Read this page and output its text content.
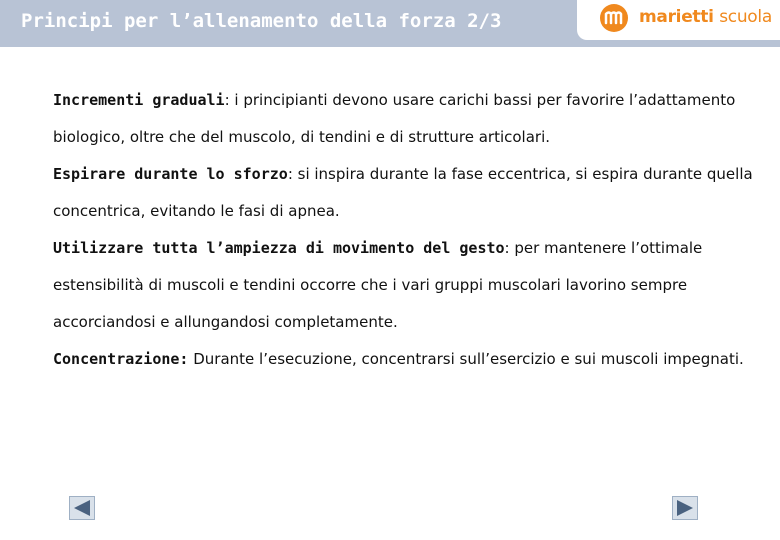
Principi per l’allenamento della forza 2/3	marietti scuola

Incrementi graduali: i principianti devono usare carichi bassi per favorire l’adattamento biologico, oltre che del muscolo, di tendini e di strutture articolari.

Espirare durante lo sforzo: si inspira durante la fase eccentrica, si espira durante quella concentrica, evitando le fasi di apnea.

Utilizzare tutta l’ampiezza di movimento del gesto: per mantenere l’ottimale estensibilità di muscoli e tendini occorre che i vari gruppi muscolari lavorino sempre accorciandosi e allungandosi completamente.

Concentrazione: Durante l’esecuzione, concentrarsi sull’esercizio e sui muscoli impegnati.
